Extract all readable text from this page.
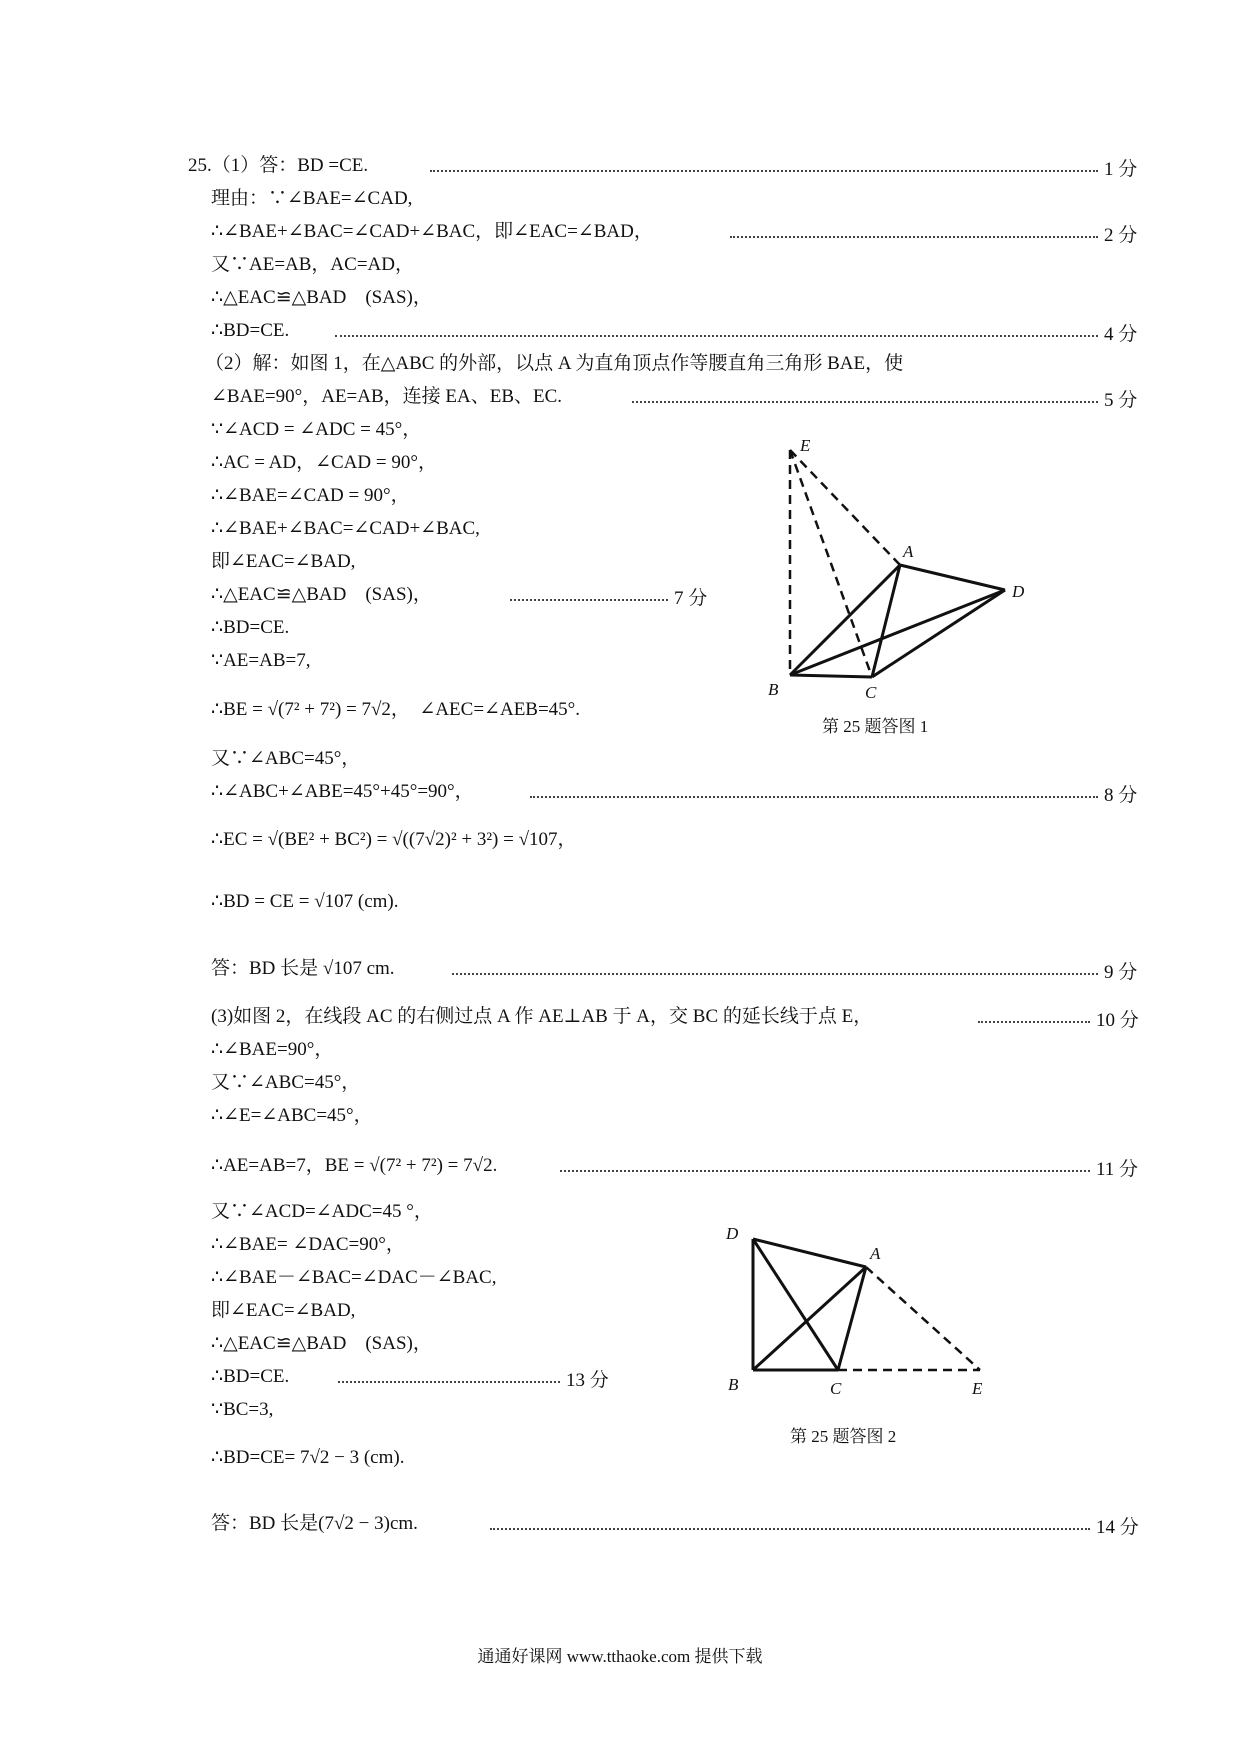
25.（1）答：BD =CE.	1 分
理由：∵∠BAE=∠CAD,
∴∠BAE+∠BAC=∠CAD+∠BAC，即∠EAC=∠BAD，	2 分
又∵AE=AB，AC=AD，
∴△EAC≌△BAD　(SAS)，
∴BD=CE.	4 分
（2）解：如图 1，在△ABC 的外部，以点 A 为直角顶点作等腰直角三角形 BAE，使
∠BAE=90°，AE=AB，连接 EA、EB、EC.	5 分
∵∠ACD = ∠ADC = 45°，
∴AC = AD，∠CAD = 90°，
∴∠BAE=∠CAD = 90°，
∴∠BAE+∠BAC=∠CAD+∠BAC,
即∠EAC=∠BAD,
∴△EAC≌△BAD　(SAS)，	7 分
∴BD=CE.
∵AE=AB=7,
∴BE = √(7² + 7²) = 7√2，　∠AEC=∠AEB=45°.
又∵∠ABC=45°，
∴∠ABC+∠ABE=45°+45°=90°，	8 分
∴EC = √(BE² + BC²) = √((7√2)² + 3²) = √107，
∴BD = CE = √107 (cm).
答：BD 长是 √107 cm.	9 分
(3)如图 2，在线段 AC 的右侧过点 A 作 AE⊥AB 于 A，交 BC 的延长线于点 E，	10 分
∴∠BAE=90°，
又∵∠ABC=45°，
∴∠E=∠ABC=45°，
∴AE=AB=7，BE = √(7² + 7²) = 7√2.	11 分
又∵∠ACD=∠ADC=45 °，
∴∠BAE= ∠DAC=90°，
∴∠BAE－∠BAC=∠DAC－∠BAC,
即∠EAC=∠BAD,
∴△EAC≌△BAD　(SAS)，
∴BD=CE.	13 分
∵BC=3,
∴BD=CE= 7√2 − 3 (cm).
答：BD 长是(7√2 − 3)cm.	14 分
E
A
D
B	C
第 25 题答图 1
D
A
B	C	E
第 25 题答图 2
通通好课网 www.tthaoke.com 提供下载
